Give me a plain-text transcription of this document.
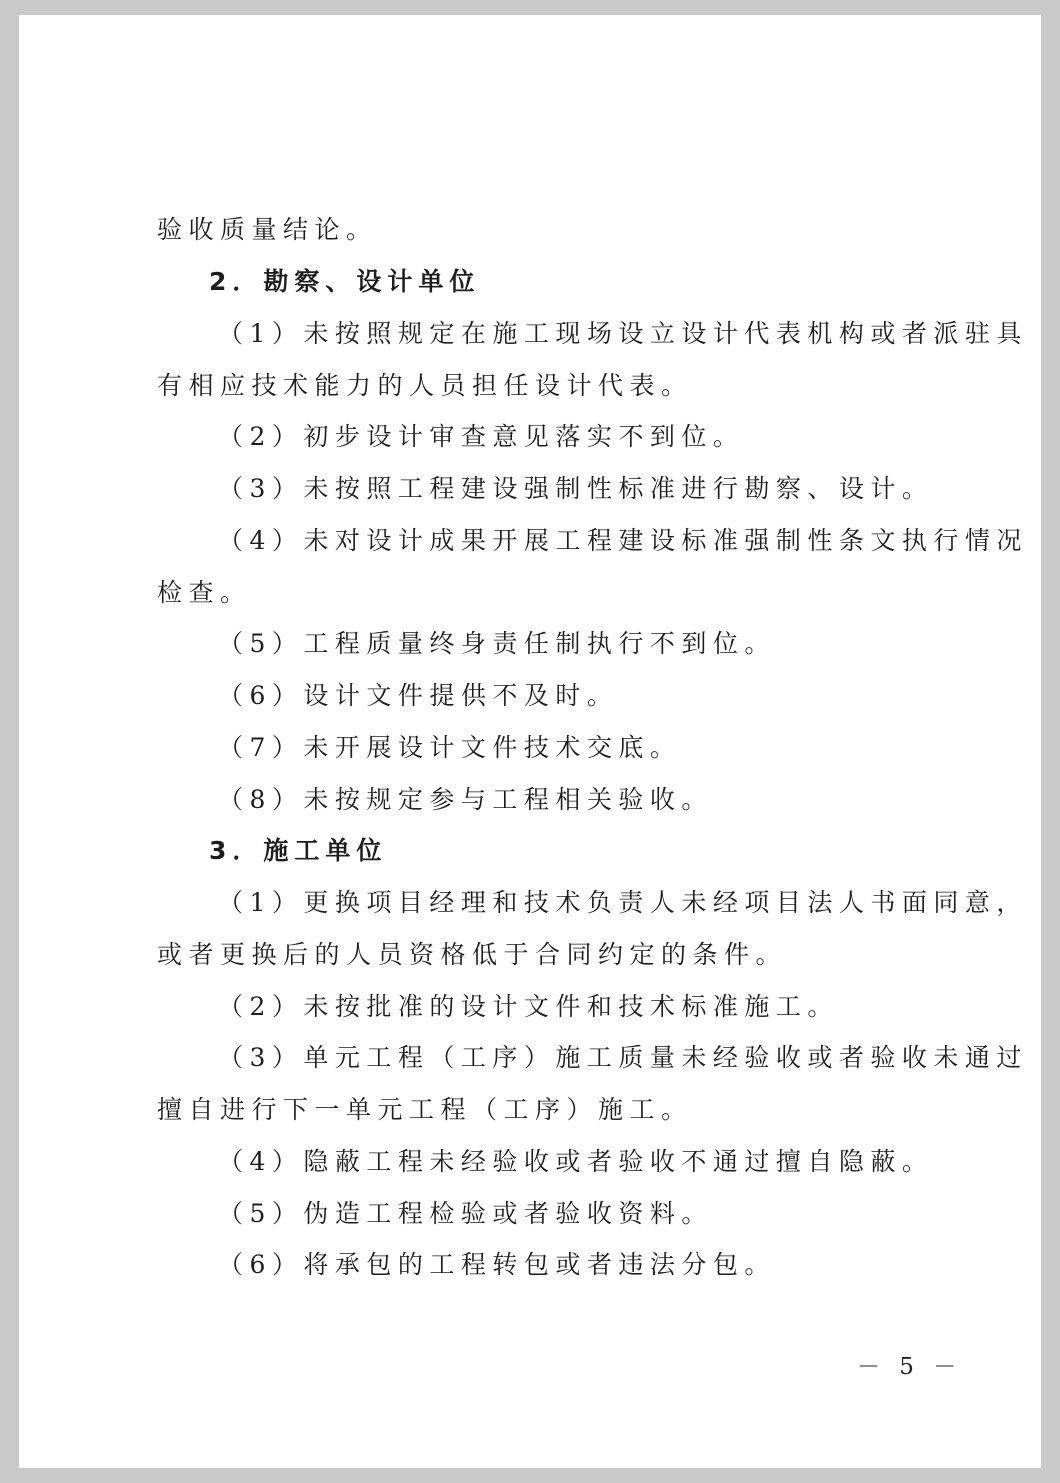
验收质量结论。
2．勘察、设计单位
（1）未按照规定在施工现场设立设计代表机构或者派驻具
有相应技术能力的人员担任设计代表。
（2）初步设计审查意见落实不到位。
（3）未按照工程建设强制性标准进行勘察、设计。
（4）未对设计成果开展工程建设标准强制性条文执行情况
检查。
（5）工程质量终身责任制执行不到位。
（6）设计文件提供不及时。
（7）未开展设计文件技术交底。
（8）未按规定参与工程相关验收。
3．施工单位
（1）更换项目经理和技术负责人未经项目法人书面同意，
或者更换后的人员资格低于合同约定的条件。
（2）未按批准的设计文件和技术标准施工。
（3）单元工程（工序）施工质量未经验收或者验收未通过
擅自进行下一单元工程（工序）施工。
（4）隐蔽工程未经验收或者验收不通过擅自隐蔽。
（5）伪造工程检验或者验收资料。
（6）将承包的工程转包或者违法分包。
－ 5 －
